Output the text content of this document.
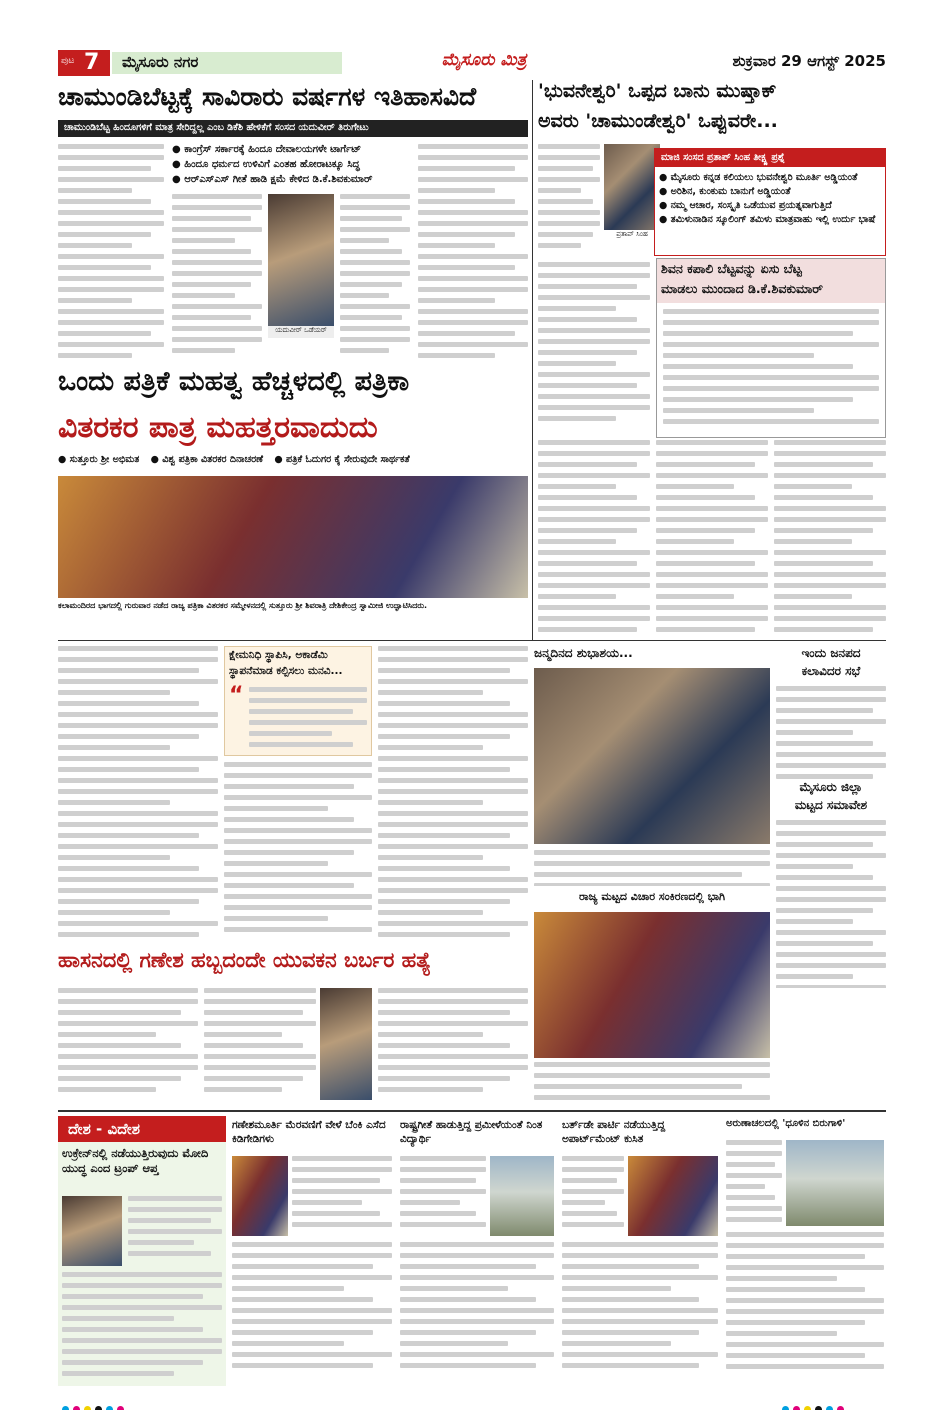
ಪುಟ 7 ಮೈಸೂರು ನಗರ	ಮೈಸೂರು ಮಿತ್ರ	ಶುಕ್ರವಾರ 29 ಆಗಸ್ಟ್ 2025
ಚಾಮುಂಡಿಬೆಟ್ಟಕ್ಕೆ ಸಾವಿರಾರು ವರ್ಷಗಳ ಇತಿಹಾಸವಿದೆ
ಚಾಮುಂಡಿಬೆಟ್ಟ ಹಿಂದೂಗಳಿಗೆ ಮಾತ್ರ ಸೇರಿದ್ದಲ್ಲ ಎಂಬ ಡಿಕೆಶಿ ಹೇಳಿಕೆಗೆ ಸಂಸದ ಯದುವೀರ್ ತಿರುಗೇಟು
● ಕಾಂಗ್ರೆಸ್ ಸರ್ಕಾರಕ್ಕೆ ಹಿಂದೂ ದೇವಾಲಯಗಳೇ ಟಾರ್ಗೆಟ್
● ಹಿಂದೂ ಧರ್ಮದ ಉಳಿವಿಗೆ ಎಂತಹ ಹೋರಾಟಕ್ಕೂ ಸಿದ್ಧ
● ಆರ್‌ಎಸ್‌ಎಸ್ ಗೀತೆ ಹಾಡಿ ಕ್ಷಮೆ ಕೇಳಿದ ಡಿ.ಕೆ.ಶಿವಕುಮಾರ್
ಯದುವೀರ್ ಒಡೆಯರ್
'ಭುವನೇಶ್ವರಿ' ಒಪ್ಪದ ಬಾನು ಮುಷ್ತಾಕ್
ಅವರು 'ಚಾಮುಂಡೇಶ್ವರಿ' ಒಪ್ಪುವರೇ...
ಪ್ರತಾಪ್ ಸಿಂಹ
ಮಾಜಿ ಸಂಸದ ಪ್ರತಾಪ್ ಸಿಂಹ ತೀಕ್ಷ್ಣ ಪ್ರಶ್ನೆ
● ಮೈಸೂರು ಕನ್ನಡ ಕಲಿಯಲು ಭುವನೇಶ್ವರಿ ಮೂರ್ತಿ ಅಡ್ಡಿಯಂತೆ
● ಅರಿಶಿನ, ಕುಂಕುಮ ಬಾನುಗೆ ಅಡ್ಡಿಯಂತೆ
● ನಮ್ಮ ಆಚಾರ, ಸಂಸ್ಕೃತಿ ಒಡೆಯುವ ಪ್ರಯತ್ನವಾಗುತ್ತಿದೆ
● ತಮಿಳುನಾಡಿನ ಸ್ಕೂಲಿಂಗ್ ತಮಿಳು ಮಾತ್ರವಾಹು ಇಲ್ಲಿ ಉರ್ದು ಭಾಷೆ
ಶಿವನ ಕಪಾಲಿ ಬೆಟ್ಟವನ್ನು ಏಸು ಬೆಟ್ಟ
ಮಾಡಲು ಮುಂದಾದ ಡಿ.ಕೆ.ಶಿವಕುಮಾರ್
ಒಂದು ಪತ್ರಿಕೆ ಮಹತ್ವ ಹೆಚ್ಚಳದಲ್ಲಿ ಪತ್ರಿಕಾ
ವಿತರಕರ ಪಾತ್ರ ಮಹತ್ತರವಾದುದು
● ಸುತ್ತೂರು ಶ್ರೀ ಅಭಿಮತ ● ವಿಶ್ವ ಪತ್ರಿಕಾ ವಿತರಕರ ದಿನಾಚರಣೆ ● ಪತ್ರಿಕೆ ಓದುಗರ ಕೈ ಸೇರುವುದೇ ಸಾರ್ಥಕತೆ
ಕಲಾಮಂದಿರದ ಭಾಗದಲ್ಲಿ ಗುರುವಾರ ನಡೆದ ರಾಜ್ಯ ಪತ್ರಿಕಾ ವಿತರಕರ ಸಮ್ಮೇಳನದಲ್ಲಿ ಸುತ್ತೂರು ಶ್ರೀ ಶಿವರಾತ್ರಿ ದೇಶಿಕೇಂದ್ರ ಸ್ವಾಮೀಜಿ ಉದ್ಘಾಟಿಸಿದರು.
ಕ್ಷೇಮನಿಧಿ ಸ್ಥಾಪಿಸಿ, ಅಕಾಡೆಮಿ
ಸ್ಥಾಪನೆಮಾಡ ಕಲ್ಪಿಸಲು ಮನವಿ...
“
ಜನ್ಮದಿನದ ಶುಭಾಶಯ...	ಇಂದು ಜನಪದ
ಕಲಾವಿದರ ಸಭೆ
ಮೈಸೂರು ಜಿಲ್ಲಾ
ಮಟ್ಟದ ಸಮಾವೇಶ
ರಾಜ್ಯ ಮಟ್ಟದ ವಿಚಾರ ಸಂಕಿರಣದಲ್ಲಿ ಭಾಗಿ
ಹಾಸನದಲ್ಲಿ ಗಣೇಶ ಹಬ್ಬದಂದೇ ಯುವಕನ ಬರ್ಬರ ಹತ್ಯೆ
ದೇಶ - ವಿದೇಶ
ಉಕ್ರೇನ್‌ನಲ್ಲಿ ನಡೆಯುತ್ತಿರುವುದು ಮೋದಿ ಯುದ್ಧ ಎಂದ ಟ್ರಂಪ್ ಆಪ್ತ
ಗಣೇಶಮೂರ್ತಿ ಮೆರವಣಿಗೆ ವೇಳೆ ಬೆಂಕಿ ಎಸೆದ ಕಿಡಿಗೇಡಿಗಳು
ರಾಷ್ಟ್ರಗೀತೆ ಹಾಡುತ್ತಿದ್ದ ಪ್ರಮೀಳೆಯಂತೆ ನಿಂತ ವಿದ್ಯಾರ್ಥಿ
ಬರ್ತ್‌ಡೇ ಪಾರ್ಟಿ ನಡೆಯುತ್ತಿದ್ದ ಅಪಾರ್ಟ್‌ಮೆಂಟ್ ಕುಸಿತ
ಅರುಣಾಚಲದಲ್ಲಿ 'ಧೂಳಿನ ಬಿರುಗಾಳಿ'
